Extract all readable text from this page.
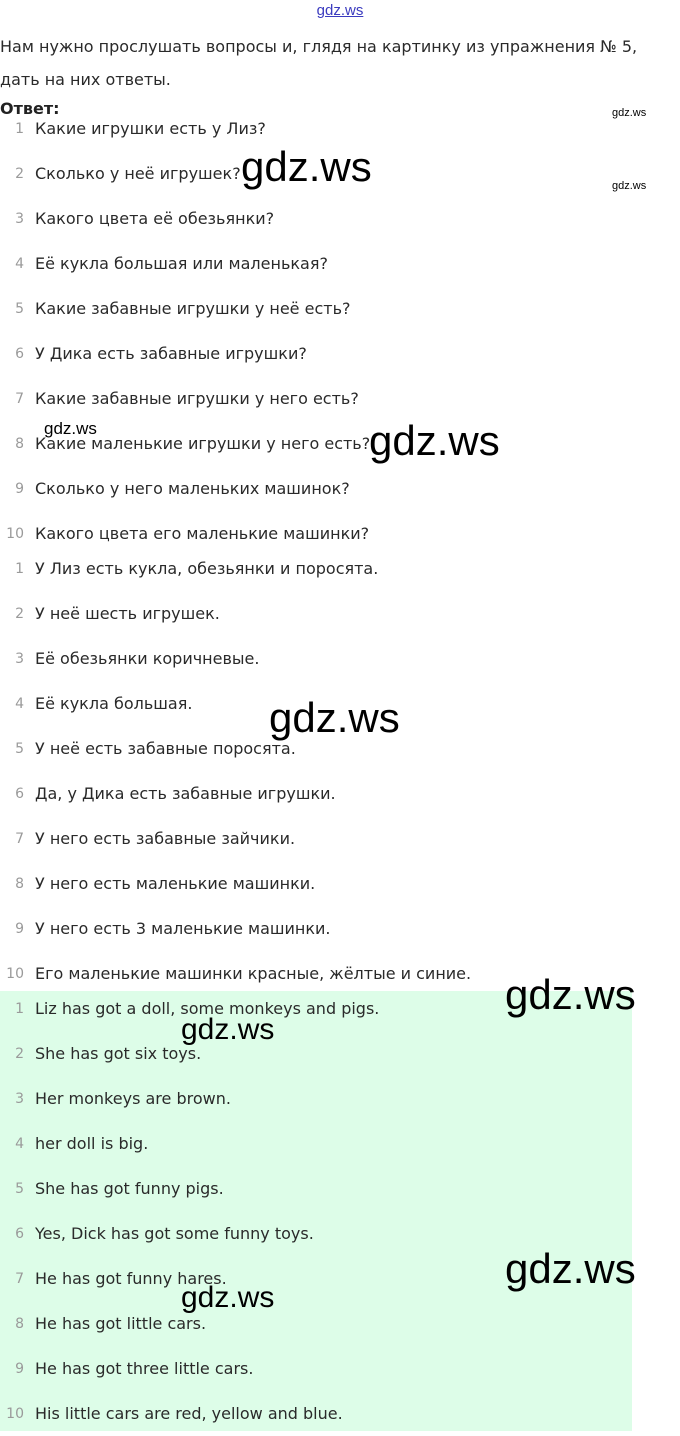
gdz.ws
Нам нужно прослушать вопросы и, глядя на картинку из упражнения № 5, дать на них ответы.
Ответ:
1 Какие игрушки есть у Лиз?
2 Сколько у неё игрушек?
3 Какого цвета её обезьянки?
4 Её кукла большая или маленькая?
5 Какие забавные игрушки у неё есть?
6 У Дика есть забавные игрушки?
7 Какие забавные игрушки у него есть?
8 Какие маленькие игрушки у него есть?
9 Сколько у него маленьких машинок?
10 Какого цвета его маленькие машинки?
1 У Лиз есть кукла, обезьянки и поросята.
2 У неё шесть игрушек.
3 Её обезьянки коричневые.
4 Её кукла большая.
5 У неё есть забавные поросята.
6 Да, у Дика есть забавные игрушки.
7 У него есть забавные зайчики.
8 У него есть маленькие машинки.
9 У него есть 3 маленькие машинки.
10 Его маленькие машинки красные, жёлтые и синие.
1 Liz has got a doll, some monkeys and pigs.
2 She has got six toys.
3 Her monkeys are brown.
4 her doll is big.
5 She has got funny pigs.
6 Yes, Dick has got some funny toys.
7 He has got funny hares.
8 He has got little cars.
9 He has got three little cars.
10 His little cars are red, yellow and blue.
gdz.ws
gdz.ws
gdz.ws
gdz.ws	gdz.ws
gdz.ws
gdz.ws
gdz.ws
gdz.ws
gdz.ws
